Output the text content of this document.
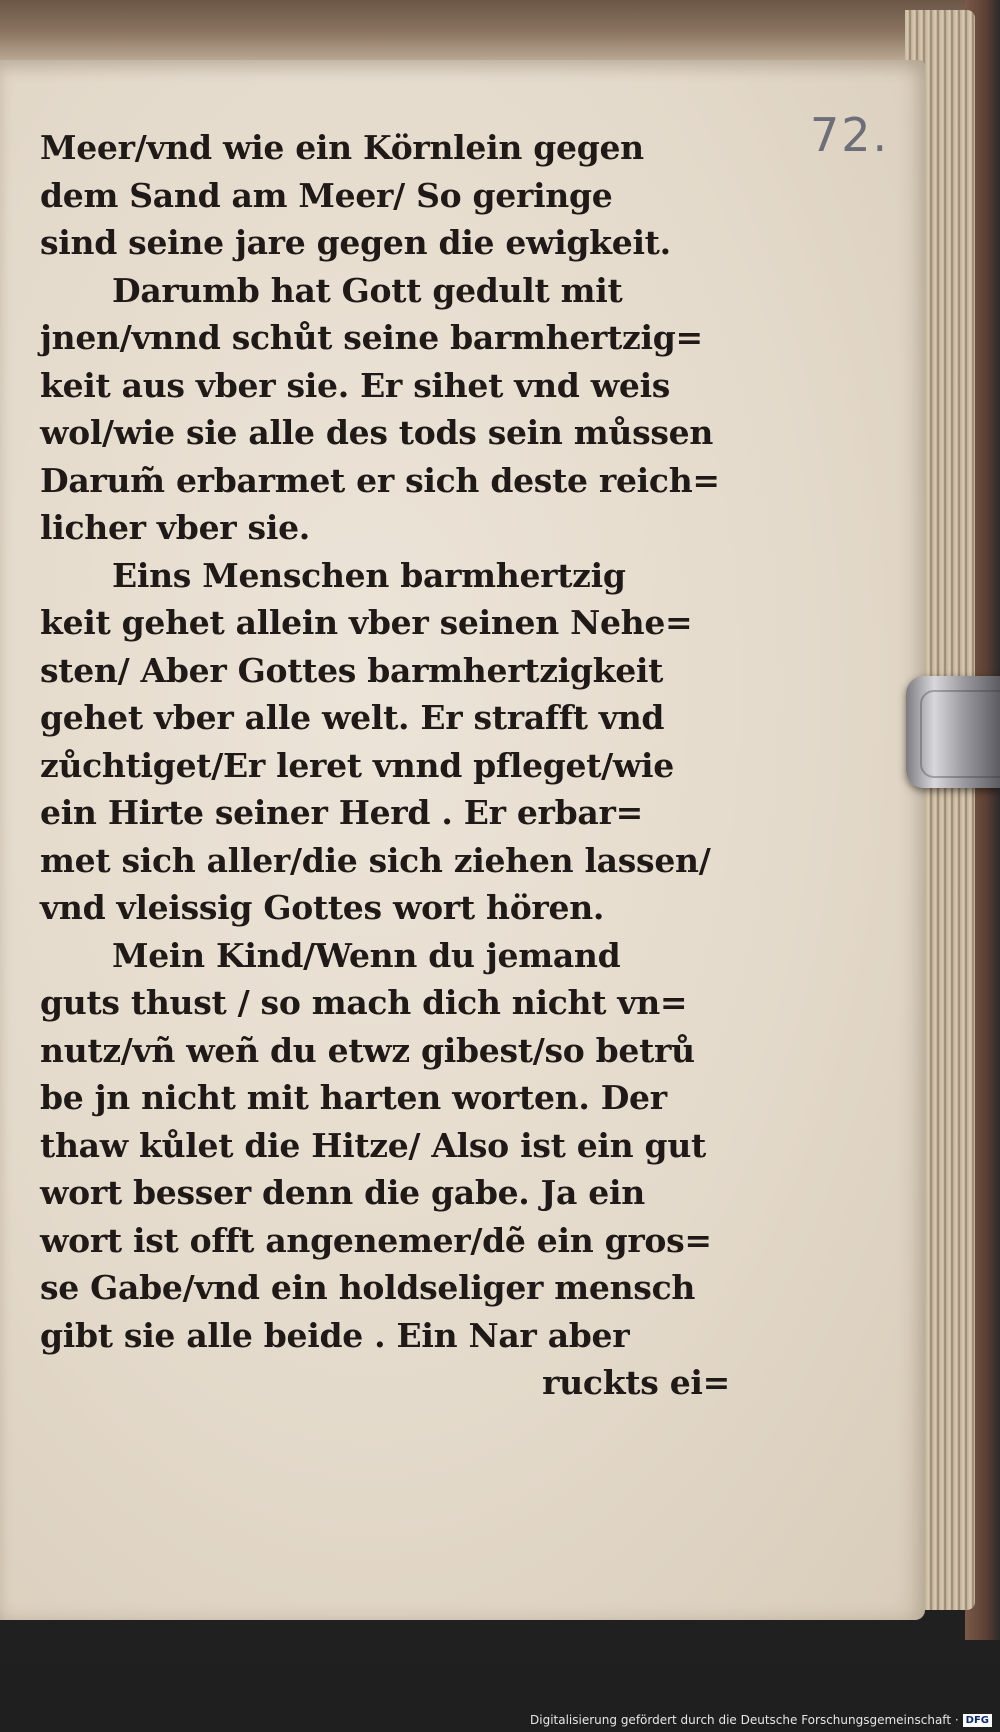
72.
Meer/vnd wie ein Körnlein gegen
dem Sand am Meer/ So geringe
sind seine jare gegen die ewigkeit.
Darumb hat Gott gedult mit
jnen/vnnd schůt seine barmhertzig=
keit aus vber sie. Er sihet vnd weis
wol/wie sie alle des tods sein můssen
Darum̃ erbarmet er sich deste reich=
licher vber sie.
Eins Menschen barmhertzig
keit gehet allein vber seinen Nehe=
sten/ Aber Gottes barmhertzigkeit
gehet vber alle welt. Er strafft vnd
zůchtiget/Er leret vnnd pfleget/wie
ein Hirte seiner Herd . Er erbar=
met sich aller/die sich ziehen lassen/
vnd vleissig Gottes wort hören.
Mein Kind/Wenn du jemand
guts thust / so mach dich nicht vn=
nutz/vñ weñ du etwz gibest/so betrů
be jn nicht mit harten worten. Der
thaw kůlet die Hitze/ Also ist ein gut
wort besser denn die gabe. Ja ein
wort ist offt angenemer/dẽ ein gros=
se Gabe/vnd ein holdseliger mensch
gibt sie alle beide . Ein Nar aber
ruckts ei=
Digitalisierung gefördert durch die Deutsche Forschungsgemeinschaft · DFG
